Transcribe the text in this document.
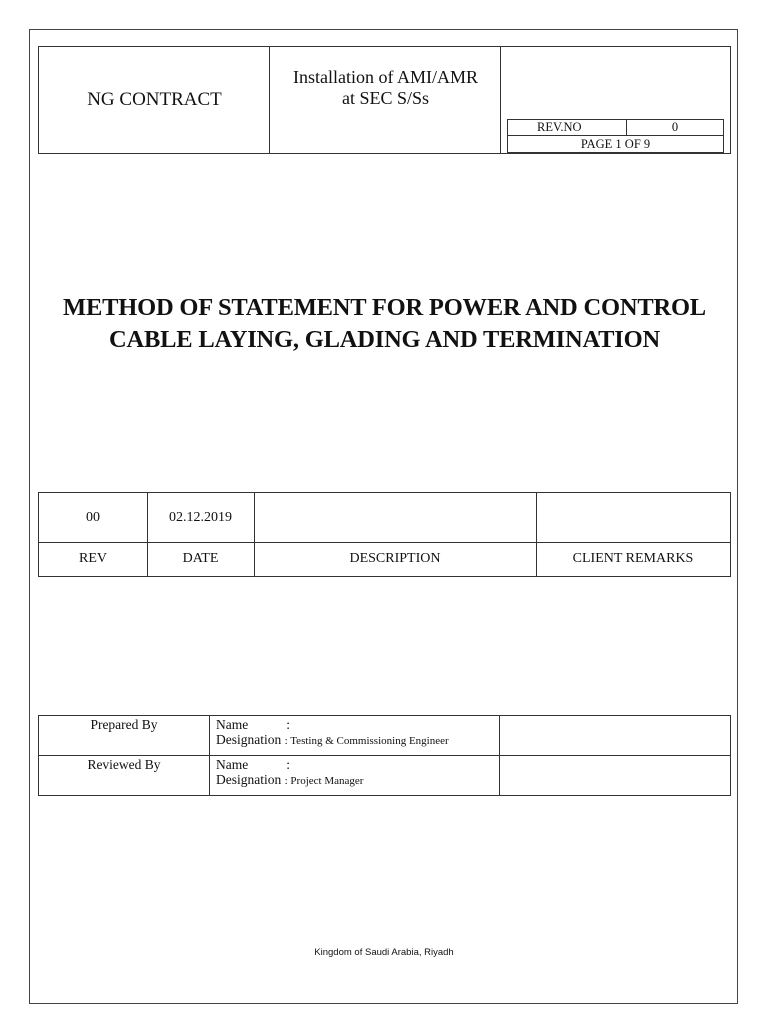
NG CONTRACT
Installation of AMI/AMR
at SEC S/Ss
REV.NO	0
PAGE 1 OF 9
METHOD OF STATEMENT FOR POWER AND CONTROL
CABLE LAYING, GLADING AND TERMINATION
00	02.12.2019
REV	DATE	DESCRIPTION	CLIENT REMARKS
Prepared By	Name	:
Designation : Testing & Commissioning Engineer
Reviewed By	Name	:
Designation : Project Manager
Kingdom of Saudi Arabia, Riyadh
